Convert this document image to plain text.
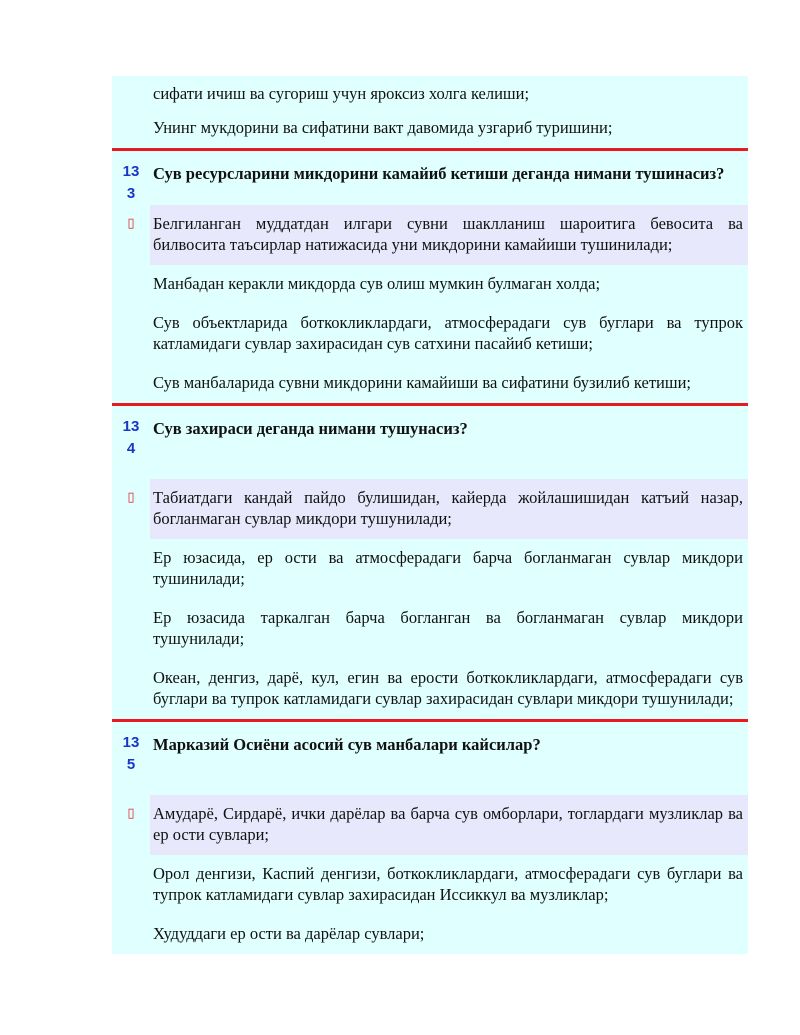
сифати ичиш ва сугориш учун яроксиз холга келиши;
Унинг мукдорини ва сифатини вакт давомида узгариб туришини;
13
3
Сув ресурсларини микдорини камайиб кетиши деганда нимани тушинасиз?
▯	Белгиланган муддатдан илгари сувни шаклланиш шароитига бевосита ва билвосита таъсирлар натижасида уни микдорини камайиши тушинилади;
Манбадан керакли микдорда сув олиш мумкин булмаган холда;
Сув объектларида боткокликлардаги, атмосферадаги сув буглари ва тупрок катламидаги сувлар захирасидан сув сатхини пасайиб кетиши;
Сув манбаларида сувни микдорини камайиши ва сифатини бузилиб кетиши;
13
4
Сув захираси деганда нимани тушунасиз?
▯	Табиатдаги кандай пайдо булишидан, кайерда жойлашишидан катъий назар, богланмаган сувлар микдори тушунилади;
Ер юзасида, ер ости ва атмосферадаги барча богланмаган сувлар микдори тушинилади;
Ер юзасида таркалган барча богланган ва богланмаган сувлар микдори тушунилади;
Океан, денгиз, дарё, кул, егин ва ерости боткокликлардаги, атмосферадаги сув буглари ва тупрок катламидаги сувлар захирасидан сувлари микдори тушунилади;
13
5
Марказий Осиёни асосий сув манбалари кайсилар?
▯	Амударё, Сирдарё, ички дарёлар ва барча сув омборлари, тоглардаги музликлар ва ер ости сувлари;
Орол денгизи, Каспий денгизи, боткокликлардаги, атмосферадаги сув буглари ва тупрок катламидаги сувлар захирасидан Иссиккул ва музликлар;
Худуддаги ер ости ва дарёлар сувлари;
